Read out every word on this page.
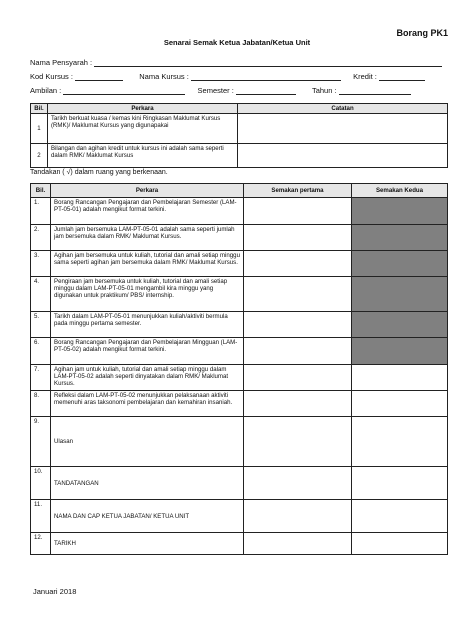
Borang PK1
Senarai Semak Ketua Jabatan/Ketua Unit
Nama Pensyarah :
Kod Kursus :	Nama Kursus :	Kredit :
Ambilan :	Semester :	Tahun :
Bil.	Perkara	Catatan
1	Tarikh berkuat kuasa / kemas kini Ringkasan Maklumat Kursus (RMK)/ Maklumat Kursus yang digunapakai	
2	Bilangan dan agihan kredit untuk kursus ini adalah sama seperti dalam RMK/ Maklumat Kursus	
Tandakan ( √) dalam ruang yang berkenaan.
Bil.	Perkara	Semakan pertama	Semakan Kedua
1.	Borang Rancangan Pengajaran dan Pembelajaran Semester (LAM-PT-05-01) adalah mengikut format terkini.		
2.	Jumlah jam bersemuka LAM-PT-05-01 adalah sama seperti jumlah jam bersemuka dalam RMK/ Maklumat Kursus.		
3.	Agihan jam bersemuka untuk kuliah, tutorial dan amali setiap minggu sama seperti agihan jam bersemuka dalam RMK/ Maklumat Kursus.		
4.	Pengiraan jam bersemuka untuk kuliah, tutorial dan amali setiap minggu dalam LAM-PT-05-01 mengambil kira minggu yang digunakan untuk praktikum/ PBS/ internship.		
5.	Tarikh dalam LAM-PT-05-01 menunjukkan kuliah/aktiviti bermula pada minggu pertama semester.		
6.	Borang Rancangan Pengajaran dan Pembelajaran Mingguan (LAM-PT-05-02) adalah mengikut format terkini.		
7.	Agihan jam untuk kuliah, tutorial dan amali setiap minggu dalam LAM-PT-05-02 adalah seperti dinyatakan dalam RMK/ Maklumat Kursus.		
8.	Refleksi dalam LAM-PT-05-02 menunjukkan pelaksanaan aktiviti memenuhi aras taksonomi pembelajaran dan kemahiran insaniah.		
9.	Ulasan		
10.	TANDATANGAN		
11.	NAMA DAN CAP KETUA JABATAN/ KETUA UNIT		
12.	TARIKH		
Januari 2018
